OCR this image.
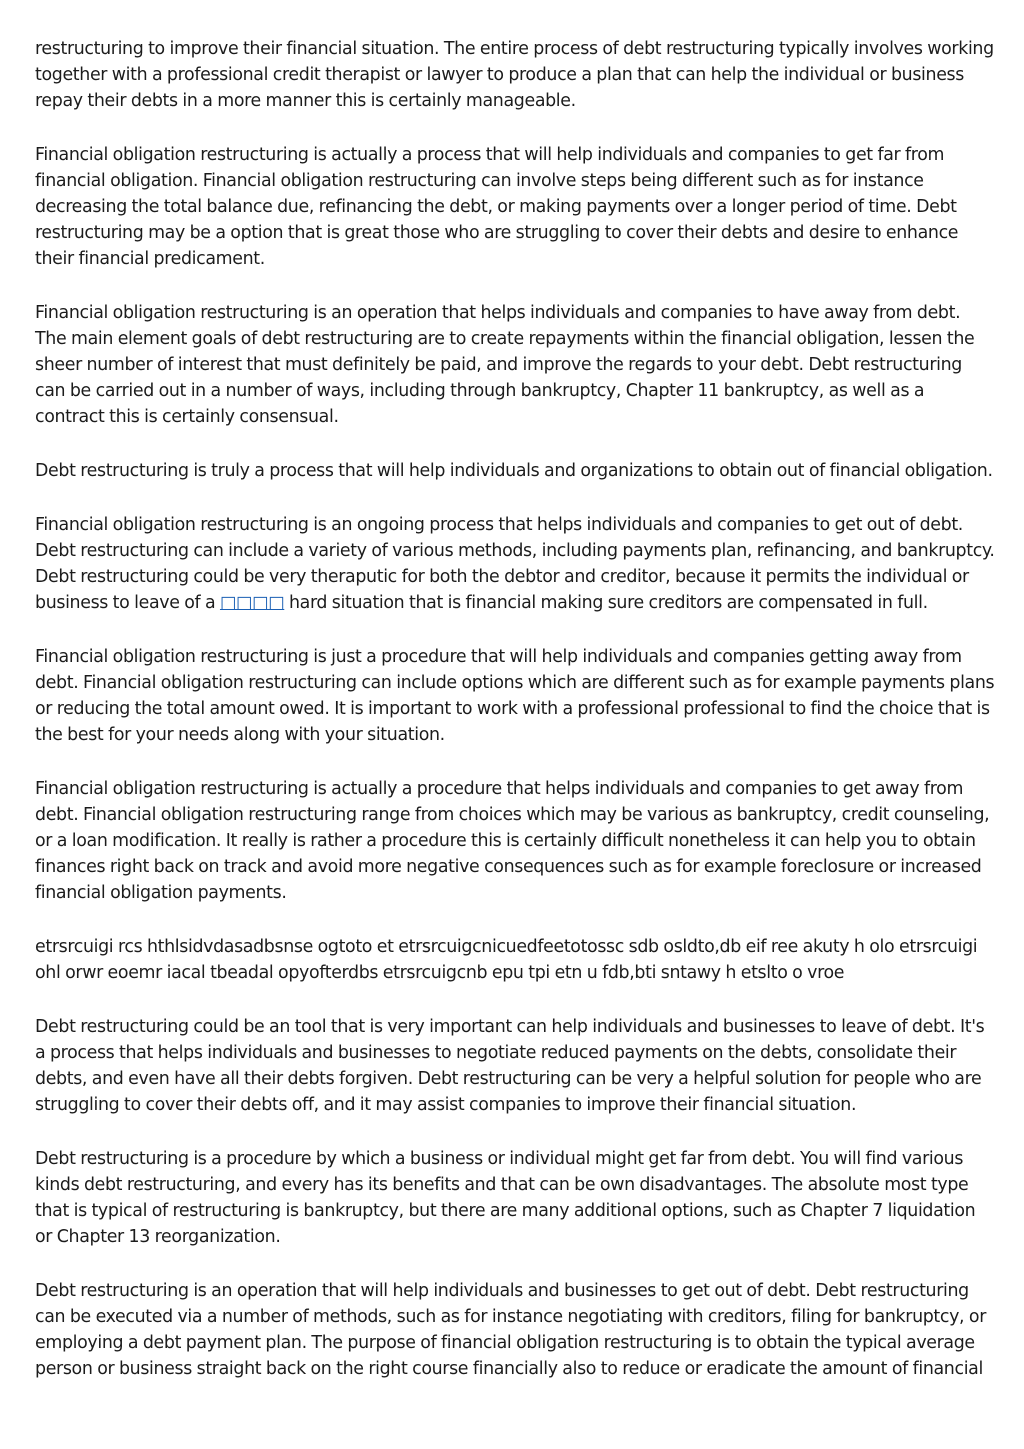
restructuring to improve their financial situation. The entire process of debt restructuring typically involves working together with a professional credit therapist or lawyer to produce a plan that can help the individual or business repay their debts in a more manner this is certainly manageable.

Financial obligation restructuring is actually a process that will help individuals and companies to get far from financial obligation. Financial obligation restructuring can involve steps being different such as for instance decreasing the total balance due, refinancing the debt, or making payments over a longer period of time. Debt restructuring may be a option that is great those who are struggling to cover their debts and desire to enhance their financial predicament.

Financial obligation restructuring is an operation that helps individuals and companies to have away from debt. The main element goals of debt restructuring are to create repayments within the financial obligation, lessen the sheer number of interest that must definitely be paid, and improve the regards to your debt. Debt restructuring can be carried out in a number of ways, including through bankruptcy, Chapter 11 bankruptcy, as well as a contract this is certainly consensual.

Debt restructuring is truly a process that will help individuals and organizations to obtain out of financial obligation.

Financial obligation restructuring is an ongoing process that helps individuals and companies to get out of debt. Debt restructuring can include a variety of various methods, including payments plan, refinancing, and bankruptcy. Debt restructuring could be very theraputic for both the debtor and creditor, because it permits the individual or business to leave of a □□□□ hard situation that is financial making sure creditors are compensated in full.

Financial obligation restructuring is just a procedure that will help individuals and companies getting away from debt. Financial obligation restructuring can include options which are different such as for example payments plans or reducing the total amount owed. It is important to work with a professional professional to find the choice that is the best for your needs along with your situation.

Financial obligation restructuring is actually a procedure that helps individuals and companies to get away from debt. Financial obligation restructuring range from choices which may be various as bankruptcy, credit counseling, or a loan modification. It really is rather a procedure this is certainly difficult nonetheless it can help you to obtain finances right back on track and avoid more negative consequences such as for example foreclosure or increased financial obligation payments.

etrsrcuigi rcs hthlsidvdasadbsnse ogtoto et etrsrcuigcnicuedfeetotossc sdb osldto,db eif ree akuty h olo etrsrcuigi ohl orwr eoemr iacal tbeadal opyofterdbs etrsrcuigcnb epu tpi etn u fdb,bti sntawy h etslto o vroe

Debt restructuring could be an tool that is very important can help individuals and businesses to leave of debt. It's a process that helps individuals and businesses to negotiate reduced payments on the debts, consolidate their debts, and even have all their debts forgiven. Debt restructuring can be very a helpful solution for people who are struggling to cover their debts off, and it may assist companies to improve their financial situation.

Debt restructuring is a procedure by which a business or individual might get far from debt. You will find various kinds debt restructuring, and every has its benefits and that can be own disadvantages. The absolute most type that is typical of restructuring is bankruptcy, but there are many additional options, such as Chapter 7 liquidation or Chapter 13 reorganization.

Debt restructuring is an operation that will help individuals and businesses to get out of debt. Debt restructuring can be executed via a number of methods, such as for instance negotiating with creditors, filing for bankruptcy, or employing a debt payment plan. The purpose of financial obligation restructuring is to obtain the typical average person or business straight back on the right course financially also to reduce or eradicate the amount of financial
